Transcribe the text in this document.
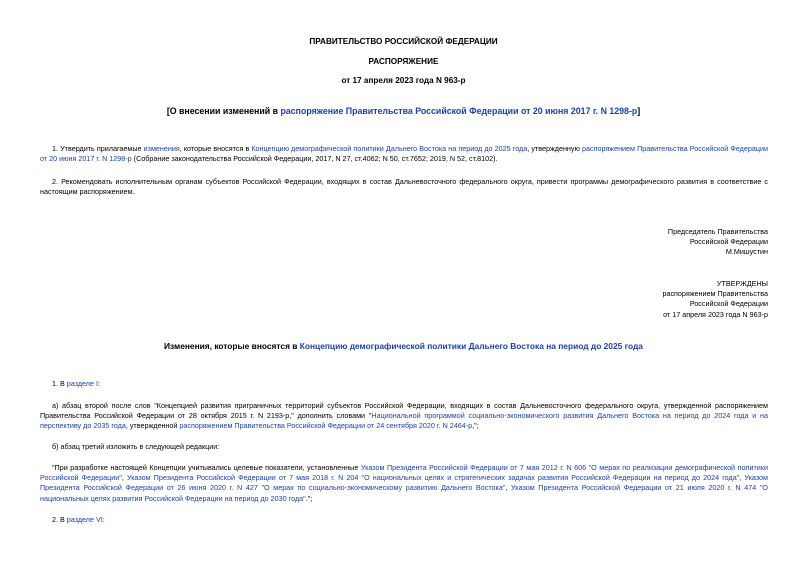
ПРАВИТЕЛЬСТВО РОССИЙСКОЙ ФЕДЕРАЦИИ
РАСПОРЯЖЕНИЕ
от 17 апреля 2023 года N 963-р
[О внесении изменений в распоряжение Правительства Российской Федерации от 20 июня 2017 г. N 1298-р]
1. Утвердить прилагаемые изменения, которые вносятся в Концепцию демографической политики Дальнего Востока на период до 2025 года, утвержденную распоряжением Правительства Российской Федерации от 20 июня 2017 г. N 1298-р (Собрание законодательства Российской Федерации, 2017, N 27, ст.4062; N 50, ст.7652; 2019, N 52, ст.8102).
2. Рекомендовать исполнительным органам субъектов Российской Федерации, входящих в состав Дальневосточного федерального округа, привести программы демографического развития в соответствие с настоящим распоряжением.
Председатель Правительства
Российской Федерации
М.Мишустин
УТВЕРЖДЕНЫ
распоряжением Правительства
Российской Федерации
от 17 апреля 2023 года N 963-р
Изменения, которые вносятся в Концепцию демографической политики Дальнего Востока на период до 2025 года
1. В разделе I:
а) абзац второй после слов "Концепцией развития приграничных территорий субъектов Российской Федерации, входящих в состав Дальневосточного федерального округа, утвержденной распоряжением Правительства Российской Федерации от 28 октября 2015 г. N 2193-р," дополнить словами "Национальной программой социально-экономического развития Дальнего Востока на период до 2024 года и на перспективу до 2035 года, утвержденной распоряжением Правительства Российской Федерации от 24 сентября 2020 г. N 2464-р,";
б) абзац третий изложить в следующей редакции:
"При разработке настоящей Концепции учитывались целевые показатели, установленные Указом Президента Российской Федерации от 7 мая 2012 г. N 606 "О мерах по реализации демографической политики Российской Федерации", Указом Президента Российской Федерации от 7 мая 2018 г. N 204 "О национальных целях и стратегических задачах развития Российской Федерации на период до 2024 года", Указом Президента Российской Федерации от 26 июня 2020 г. N 427 "О мерах по социально-экономическому развитию Дальнего Востока", Указом Президента Российской Федерации от 21 июля 2020 г. N 474 "О национальных целях развития Российской Федерации на период до 2030 года".";
2. В разделе VI:
